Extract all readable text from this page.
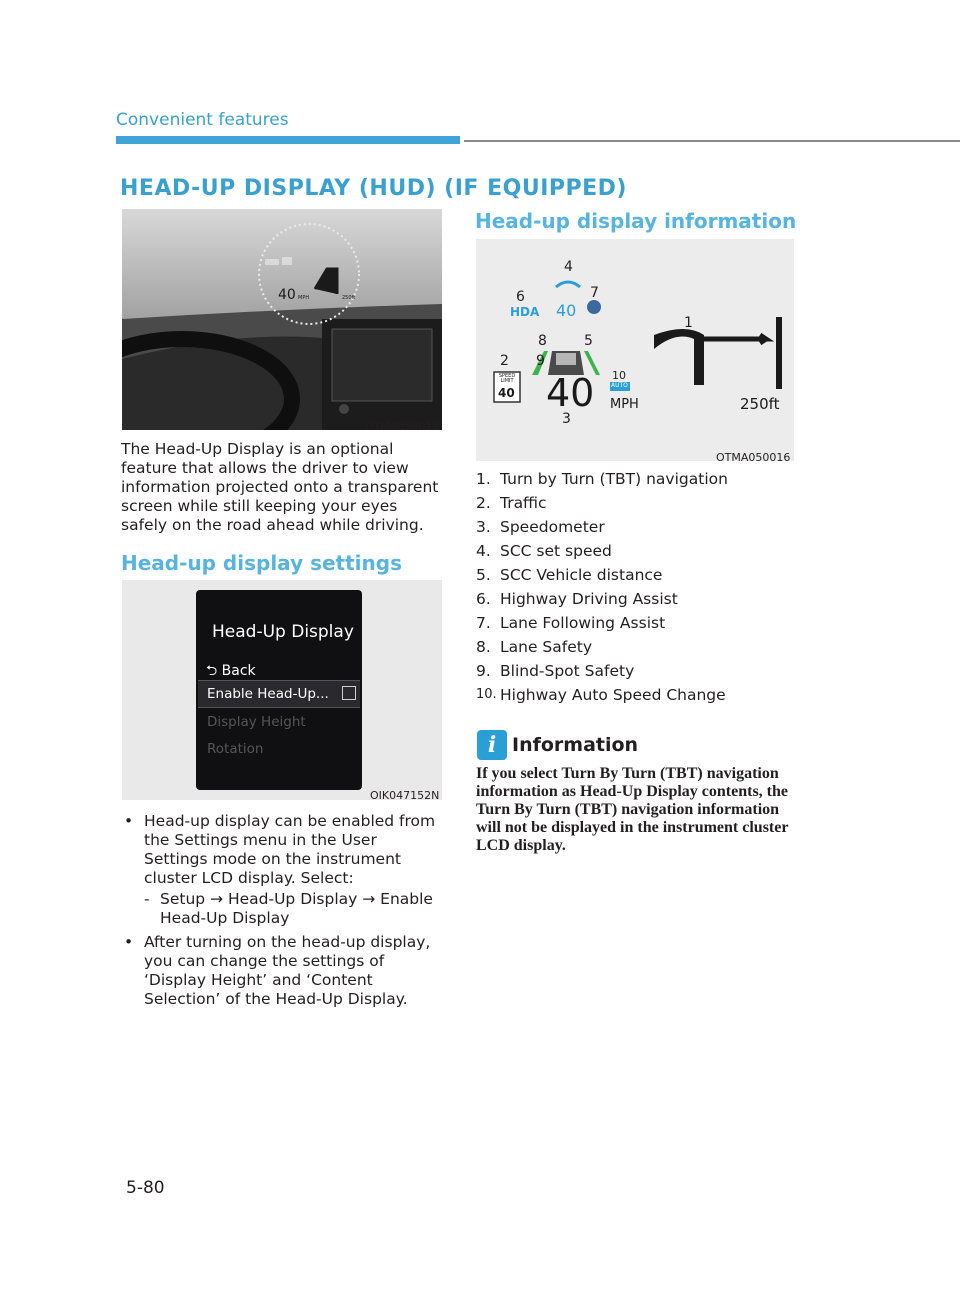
Convenient features
HEAD-UP DISPLAY (HUD) (IF EQUIPPED)
40 MPH	250ft
OTMA050019
The Head-Up Display is an optional feature that allows the driver to view information projected onto a transparent screen while still keeping your eyes safely on the road ahead while driving.
Head-up display settings
Head-Up Display
⮌ Back
Enable Head-Up...
Display Height
Rotation
OIK047152N
• Head-up display can be enabled from the Settings menu in the User Settings mode on the instrument cluster LCD display. Select:
- Setup → Head-Up Display → Enable Head-Up Display
• After turning on the head-up display, you can change the settings of ‘Display Height’ and ‘Content Selection’ of the Head-Up Display.
Head-up display information
HDA 40
40 MPH	250ft
AUTO
SPEED LIMIT
40
1
2
3
4
5
6	7
8
9
10
OTMA050016
1. Turn by Turn (TBT) navigation
2. Traffic
3. Speedometer
4. SCC set speed
5. SCC Vehicle distance
6. Highway Driving Assist
7. Lane Following Assist
8. Lane Safety
9. Blind-Spot Safety
10. Highway Auto Speed Change
i Information
If you select Turn By Turn (TBT) navigation information as Head-Up Display contents, the Turn By Turn (TBT) navigation information will not be displayed in the instrument cluster LCD display.
5-80
